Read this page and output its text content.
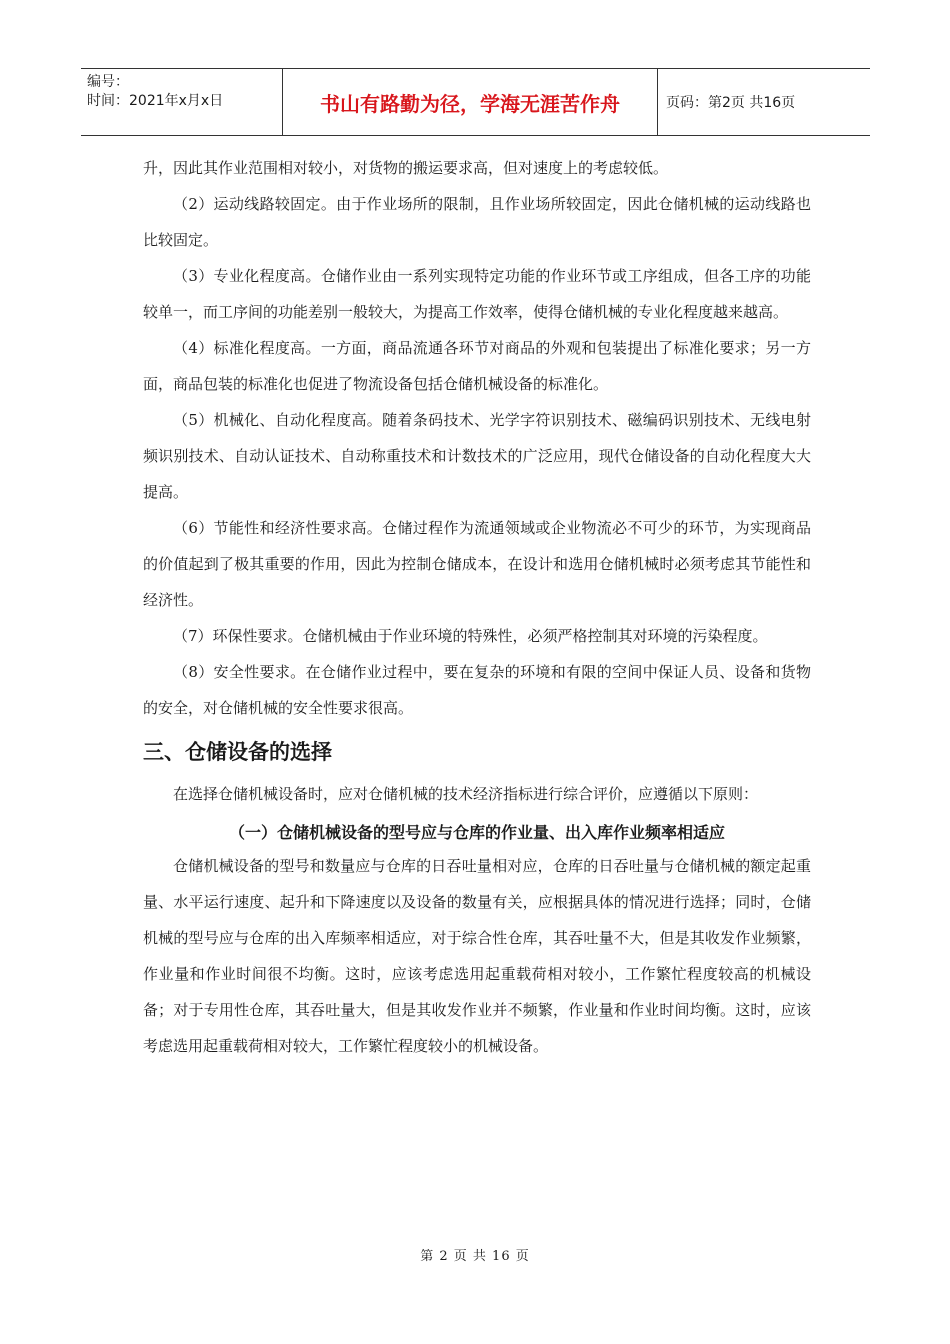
编号：
时间：2021年x月x日	书山有路勤为径，学海无涯苦作舟	页码：第2页 共16页

升，因此其作业范围相对较小，对货物的搬运要求高，但对速度上的考虑较低。

（2）运动线路较固定。由于作业场所的限制，且作业场所较固定，因此仓储机械的运动线路也比较固定。

（3）专业化程度高。仓储作业由一系列实现特定功能的作业环节或工序组成，但各工序的功能较单一，而工序间的功能差别一般较大，为提高工作效率，使得仓储机械的专业化程度越来越高。

（4）标准化程度高。一方面，商品流通各环节对商品的外观和包装提出了标准化要求；另一方面，商品包装的标准化也促进了物流设备包括仓储机械设备的标准化。

（5）机械化、自动化程度高。随着条码技术、光学字符识别技术、磁编码识别技术、无线电射频识别技术、自动认证技术、自动称重技术和计数技术的广泛应用，现代仓储设备的自动化程度大大提高。

（6）节能性和经济性要求高。仓储过程作为流通领域或企业物流必不可少的环节，为实现商品的价值起到了极其重要的作用，因此为控制仓储成本，在设计和选用仓储机械时必须考虑其节能性和经济性。

（7）环保性要求。仓储机械由于作业环境的特殊性，必须严格控制其对环境的污染程度。

（8）安全性要求。在仓储作业过程中，要在复杂的环境和有限的空间中保证人员、设备和货物的安全，对仓储机械的安全性要求很高。

三、仓储设备的选择

在选择仓储机械设备时，应对仓储机械的技术经济指标进行综合评价，应遵循以下原则：

（一）仓储机械设备的型号应与仓库的作业量、出入库作业频率相适应

仓储机械设备的型号和数量应与仓库的日吞吐量相对应，仓库的日吞吐量与仓储机械的额定起重量、水平运行速度、起升和下降速度以及设备的数量有关，应根据具体的情况进行选择；同时，仓储机械的型号应与仓库的出入库频率相适应，对于综合性仓库，其吞吐量不大，但是其收发作业频繁，作业量和作业时间很不均衡。这时，应该考虑选用起重载荷相对较小，工作繁忙程度较高的机械设备；对于专用性仓库，其吞吐量大，但是其收发作业并不频繁，作业量和作业时间均衡。这时，应该考虑选用起重载荷相对较大，工作繁忙程度较小的机械设备。

第 2 页 共 16 页
